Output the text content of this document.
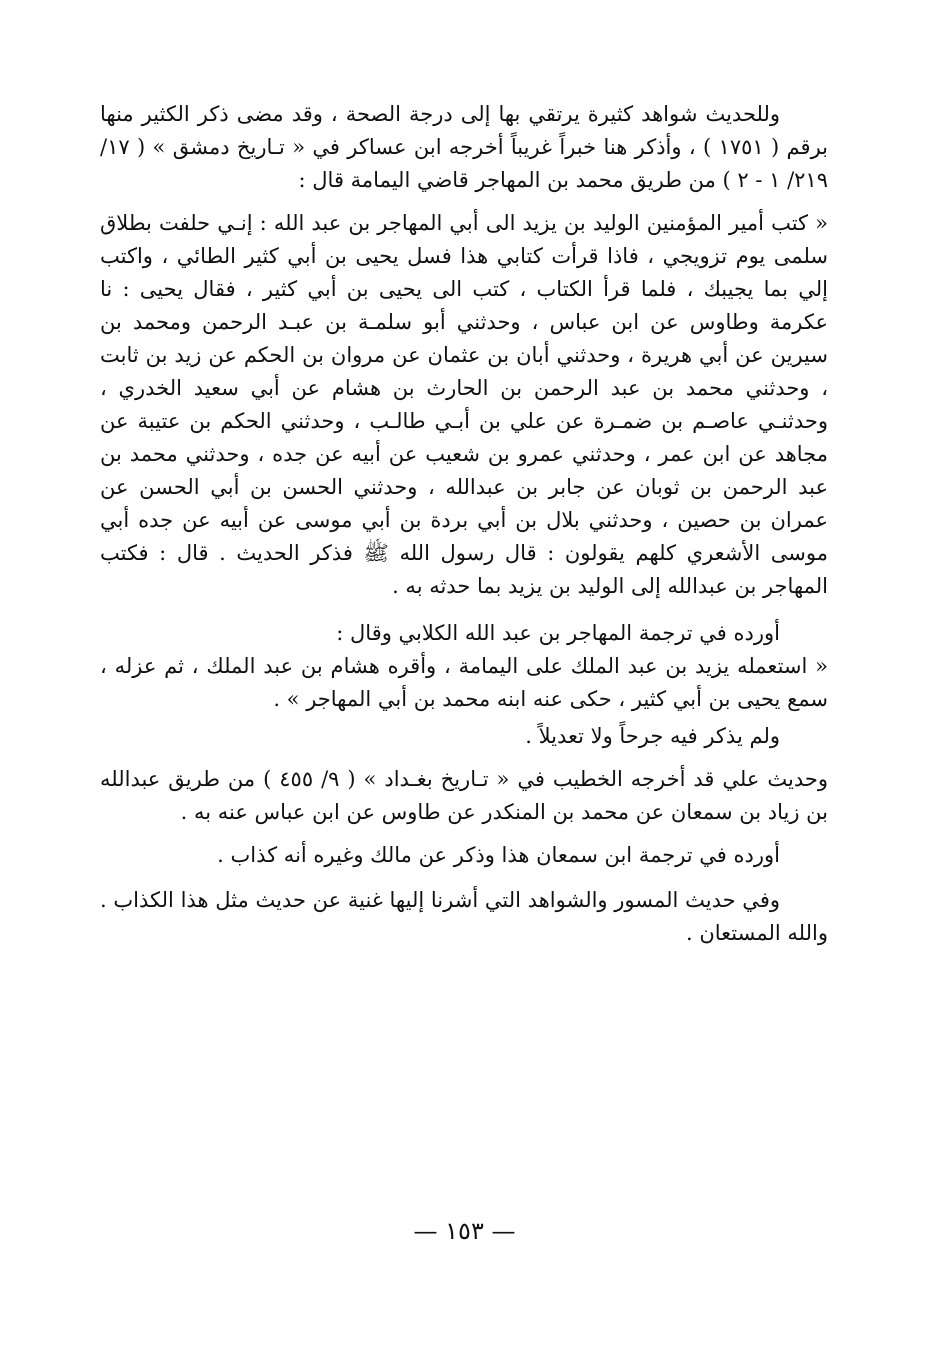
وللحديث شواهد كثيرة يرتقي بها إلى درجة الصحة ، وقد مضى ذكر الكثير منها برقم ( ١٧٥١ ) ، وأذكر هنا خبراً غريباً أخرجه ابن عساكر في « تـاريخ دمشق » ( ١٧/ ٢١٩/ ١ - ٢ ) من طريق محمد بن المهاجر قاضي اليمامة قال :

« كتب أمير المؤمنين الوليد بن يزيد الى أبي المهاجر بن عبد الله : إنـي حلفت بطلاق سلمى يوم تزويجي ، فاذا قرأت كتابي هذا فسل يحيى بن أبي كثير الطائي ، واكتب إلي بما يجيبك ، فلما قرأ الكتاب ، كتب الى يحيى بن أبي كثير ، فقال يحيى : نا عكرمة وطاوس عن ابن عباس ، وحدثني أبو سلمـة بن عبـد الرحمن ومحمد بن سيرين عن أبي هريرة ، وحدثني أبان بن عثمان عن مروان بن الحكم عن زيد بن ثابت ، وحدثني محمد بن عبد الرحمن بن الحارث بن هشام عن أبي سعيد الخدري ، وحدثنـي عاصـم بن ضمـرة عن علي بن أبـي طالـب ، وحدثني الحكم بن عتيبة عن مجاهد عن ابن عمر ، وحدثني عمرو بن شعيب عن أبيه عن جده ، وحدثني محمد بن عبد الرحمن بن ثوبان عن جابر بن عبدالله ، وحدثني الحسن بن أبي الحسن عن عمران بن حصين ، وحدثني بلال بن أبي بردة بن أبي موسى عن أبيه عن جده أبي موسى الأشعري كلهم يقولون : قال رسول الله ﷺ فذكر الحديث . قال : فكتب المهاجر بن عبدالله إلى الوليد بن يزيد بما حدثه به .

أورده في ترجمة المهاجر بن عبد الله الكلابي وقال :

« استعمله يزيد بن عبد الملك على اليمامة ، وأقره هشام بن عبد الملك ، ثم عزله ، سمع يحيى بن أبي كثير ، حكى عنه ابنه محمد بن أبي المهاجر » .

ولم يذكر فيه جرحاً ولا تعديلاً .

وحديث علي قد أخرجه الخطيب في « تـاريخ بغـداد » ( ٩/ ٤٥٥ ) من طريق عبدالله بن زياد بن سمعان عن محمد بن المنكدر عن طاوس عن ابن عباس عنه به .

أورده في ترجمة ابن سمعان هذا وذكر عن مالك وغيره أنه كذاب .

وفي حديث المسور والشواهد التي أشرنا إليها غنية عن حديث مثل هذا الكذاب . والله المستعان .

— ١٥٣ —
